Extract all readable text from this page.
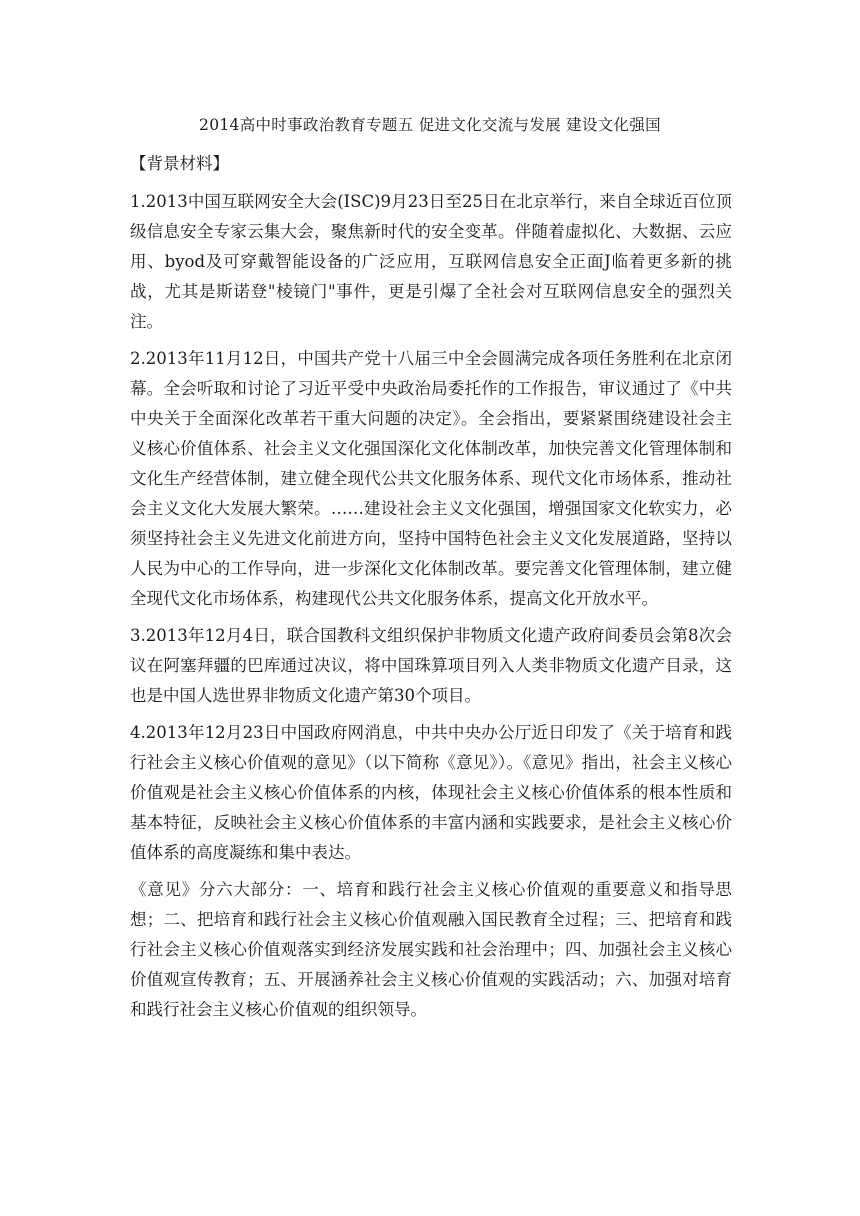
2014高中时事政治教育专题五 促进文化交流与发展 建设文化强国

【背景材料】

1.2013中国互联网安全大会(ISC)9月23日至25日在北京举行，来自全球近百位顶级信息安全专家云集大会，聚焦新时代的安全变革。伴随着虚拟化、大数据、云应用、byod及可穿戴智能设备的广泛应用，互联网信息安全正面J临着更多新的挑战，尤其是斯诺登"棱镜门"事件，更是引爆了全社会对互联网信息安全的强烈关注。

2.2013年11月12日，中国共产党十八届三中全会圆满完成各项任务胜利在北京闭幕。全会听取和讨论了习近平受中央政治局委托作的工作报告，审议通过了《中共中央关于全面深化改革若干重大问题的决定》。全会指出，要紧紧围绕建设社会主义核心价值体系、社会主义文化强国深化文化体制改革，加快完善文化管理体制和文化生产经营体制，建立健全现代公共文化服务体系、现代文化市场体系，推动社会主义文化大发展大繁荣。……建设社会主义文化强国，增强国家文化软实力，必须坚持社会主义先进文化前进方向，坚持中国特色社会主义文化发展道路，坚持以人民为中心的工作导向，进一步深化文化体制改革。要完善文化管理体制，建立健全现代文化市场体系，构建现代公共文化服务体系，提高文化开放水平。

3.2013年12月4日，联合国教科文组织保护非物质文化遗产政府间委员会第8次会议在阿塞拜疆的巴库通过决议，将中国珠算项目列入人类非物质文化遗产目录，这也是中国人选世界非物质文化遗产第30个项目。

4.2013年12月23日中国政府网消息，中共中央办公厅近日印发了《关于培育和践行社会主义核心价值观的意见》（以下简称《意见》）。《意见》指出，社会主义核心价值观是社会主义核心价值体系的内核，体现社会主义核心价值体系的根本性质和基本特征，反映社会主义核心价值体系的丰富内涵和实践要求，是社会主义核心价值体系的高度凝练和集中表达。

《意见》分六大部分：一、培育和践行社会主义核心价值观的重要意义和指导思想；二、把培育和践行社会主义核心价值观融入国民教育全过程；三、把培育和践行社会主义核心价值观落实到经济发展实践和社会治理中；四、加强社会主义核心价值观宣传教育；五、开展涵养社会主义核心价值观的实践活动；六、加强对培育和践行社会主义核心价值观的组织领导。
